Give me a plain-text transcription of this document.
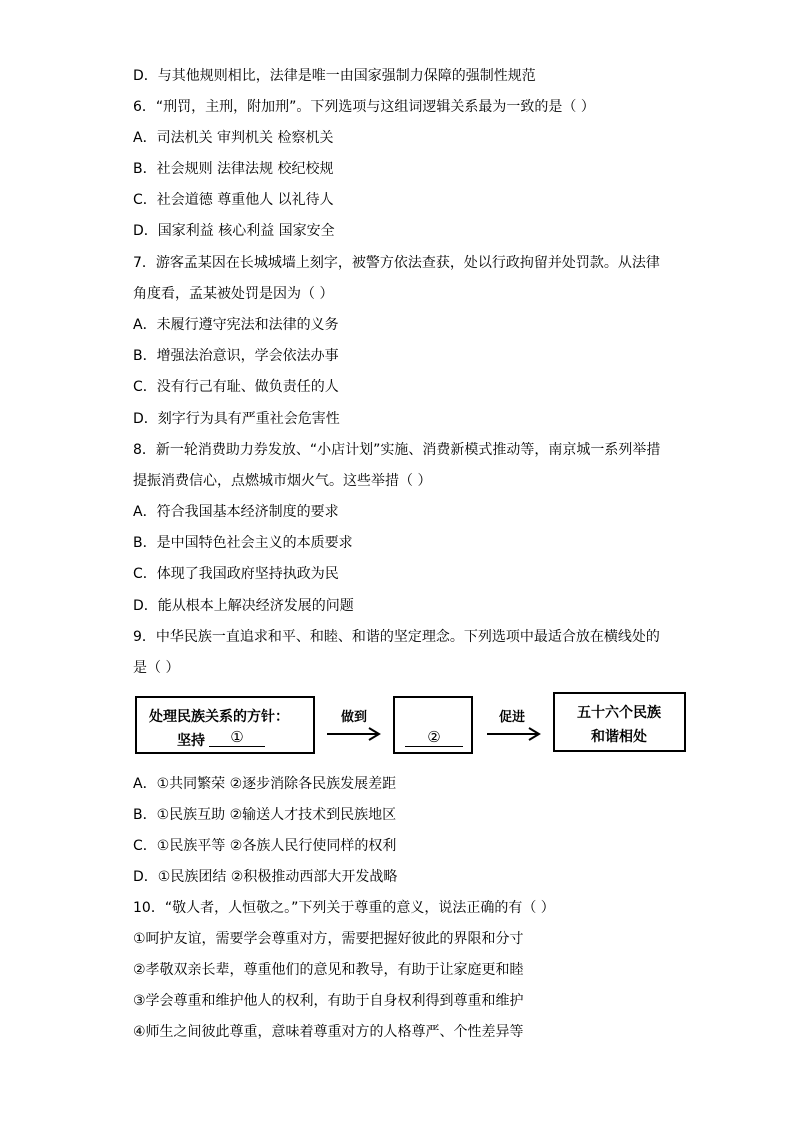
D．与其他规则相比，法律是唯一由国家强制力保障的强制性规范
6．“刑罚，主刑，附加刑”。下列选项与这组词逻辑关系最为一致的是（ ）
A．司法机关 审判机关 检察机关
B．社会规则 法律法规 校纪校规
C．社会道德 尊重他人 以礼待人
D．国家利益 核心利益 国家安全
7．游客孟某因在长城城墙上刻字，被警方依法查获，处以行政拘留并处罚款。从法律
角度看，孟某被处罚是因为（ ）
A．未履行遵守宪法和法律的义务
B．增强法治意识，学会依法办事
C．没有行己有耻、做负责任的人
D．刻字行为具有严重社会危害性
8．新一轮消费助力券发放、“小店计划”实施、消费新模式推动等，南京城一系列举措
提振消费信心，点燃城市烟火气。这些举措（ ）
A．符合我国基本经济制度的要求
B．是中国特色社会主义的本质要求
C．体现了我国政府坚持执政为民
D．能从根本上解决经济发展的问题
9．中华民族一直追求和平、和睦、和谐的坚定理念。下列选项中最适合放在横线处的
是（ ）
处理民族关系的方针：
坚持	①
做到
②
促进	五十六个民族
和谐相处
A．①共同繁荣 ②逐步消除各民族发展差距
B．①民族互助 ②输送人才技术到民族地区
C．①民族平等 ②各族人民行使同样的权利
D．①民族团结 ②积极推动西部大开发战略
10．“敬人者，人恒敬之。”下列关于尊重的意义，说法正确的有（ ）
①呵护友谊，需要学会尊重对方，需要把握好彼此的界限和分寸
②孝敬双亲长辈，尊重他们的意见和教导，有助于让家庭更和睦
③学会尊重和维护他人的权利，有助于自身权利得到尊重和维护
④师生之间彼此尊重，意味着尊重对方的人格尊严、个性差异等
